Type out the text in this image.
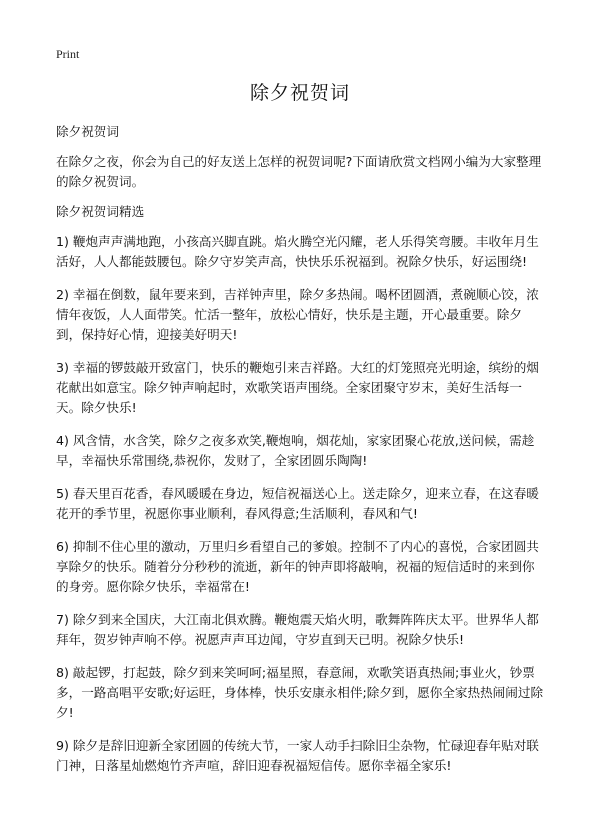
Print
除夕祝贺词

除夕祝贺词

在除夕之夜，你会为自己的好友送上怎样的祝贺词呢?下面请欣赏文档网小编为大家整理的除夕祝贺词。

除夕祝贺词精选

1) 鞭炮声声满地跑，小孩高兴脚直跳。焰火腾空光闪耀，老人乐得笑弯腰。丰收年月生活好，人人都能鼓腰包。除夕守岁笑声高，快快乐乐祝福到。祝除夕快乐，好运围绕!

2) 幸福在倒数，鼠年要来到，吉祥钟声里，除夕多热闹。喝杯团圆酒，煮碗顺心饺，浓情年夜饭，人人面带笑。忙活一整年，放松心情好，快乐是主题，开心最重要。除夕到，保持好心情，迎接美好明天!

3) 幸福的锣鼓敲开致富门，快乐的鞭炮引来吉祥路。大红的灯笼照亮光明途，缤纷的烟花献出如意宝。除夕钟声响起时，欢歌笑语声围绕。全家团聚守岁末，美好生活每一天。除夕快乐!

4) 风含情，水含笑，除夕之夜多欢笑,鞭炮响，烟花灿，家家团聚心花放,送问候，需趁早，幸福快乐常围绕,恭祝你，发财了，全家团圆乐陶陶!

5) 春天里百花香，春风暖暖在身边，短信祝福送心上。送走除夕，迎来立春，在这春暖花开的季节里，祝愿你事业顺利，春风得意;生活顺利，春风和气!

6) 抑制不住心里的激动，万里归乡看望自己的爹娘。控制不了内心的喜悦，合家团圆共享除夕的快乐。随着分分秒秒的流逝，新年的钟声即将敲响，祝福的短信适时的来到你的身旁。愿你除夕快乐，幸福常在!

7) 除夕到来全国庆，大江南北俱欢腾。鞭炮震天焰火明，歌舞阵阵庆太平。世界华人都拜年，贺岁钟声响不停。祝愿声声耳边闻，守岁直到天已明。祝除夕快乐!

8) 敲起锣，打起鼓，除夕到来笑呵呵;福星照，春意闹，欢歌笑语真热闹;事业火，钞票多，一路高唱平安歌;好运旺，身体棒，快乐安康永相伴;除夕到，愿你全家热热闹闹过除夕!

9) 除夕是辞旧迎新全家团圆的传统大节，一家人动手扫除旧尘杂物，忙碌迎春年贴对联门神，日落星灿燃炮竹齐声喧，辞旧迎春祝福短信传。愿你幸福全家乐!
